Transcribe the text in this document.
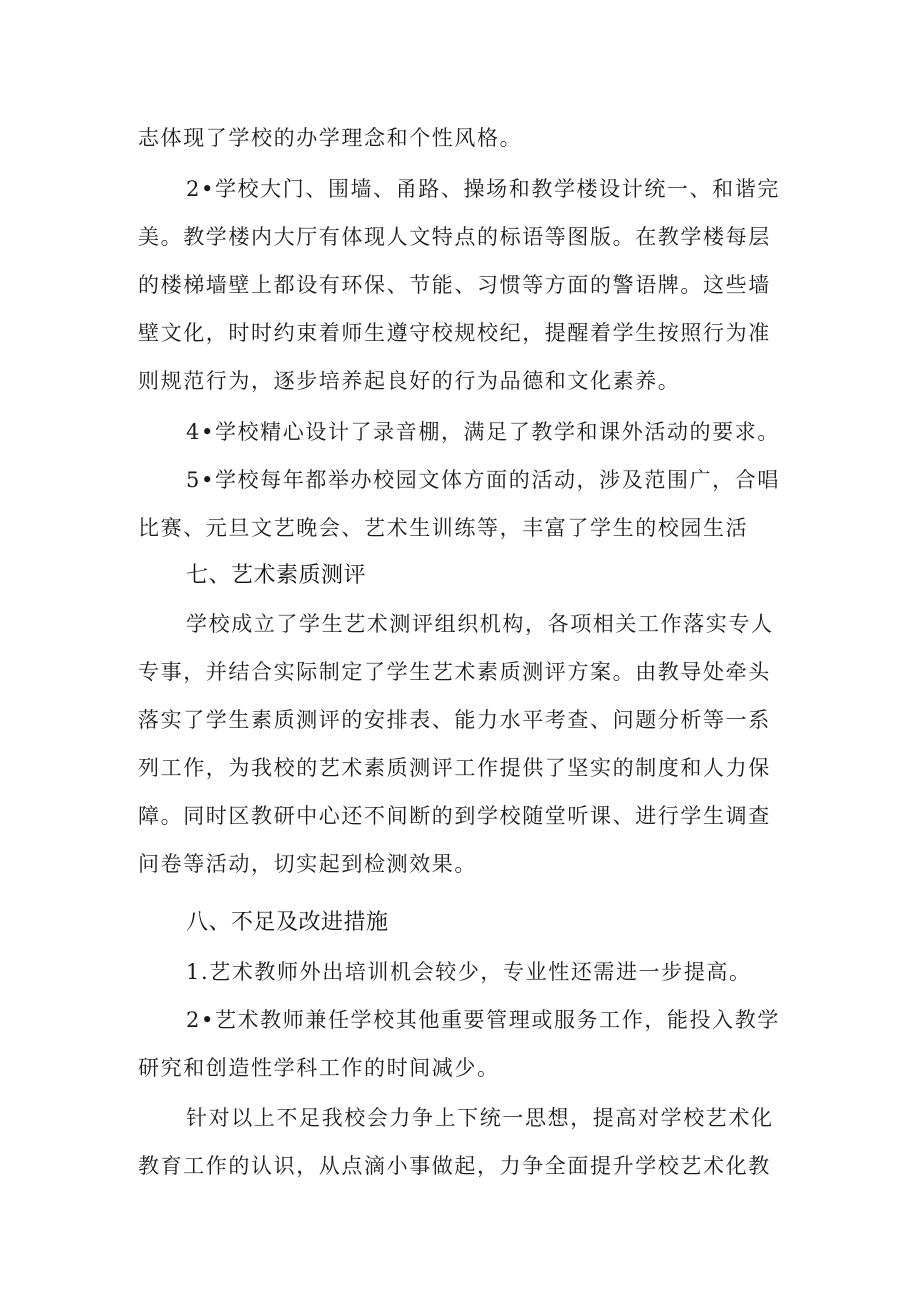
志体现了学校的办学理念和个性风格。
2•学校大门、围墙、甬路、操场和教学楼设计统一、和谐完
美。教学楼内大厅有体现人文特点的标语等图版。在教学楼每层
的楼梯墙壁上都设有环保、节能、习惯等方面的警语牌。这些墙
壁文化，时时约束着师生遵守校规校纪，提醒着学生按照行为准
则规范行为，逐步培养起良好的行为品德和文化素养。
4•学校精心设计了录音棚，满足了教学和课外活动的要求。
5•学校每年都举办校园文体方面的活动，涉及范围广，合唱
比赛、元旦文艺晚会、艺术生训练等，丰富了学生的校园生活
七、艺术素质测评
学校成立了学生艺术测评组织机构，各项相关工作落实专人
专事，并结合实际制定了学生艺术素质测评方案。由教导处牵头
落实了学生素质测评的安排表、能力水平考查、问题分析等一系
列工作，为我校的艺术素质测评工作提供了坚实的制度和人力保
障。同时区教研中心还不间断的到学校随堂听课、进行学生调查
问卷等活动，切实起到检测效果。
八、不足及改进措施
1.艺术教师外出培训机会较少，专业性还需进一步提高。
2•艺术教师兼任学校其他重要管理或服务工作，能投入教学
研究和创造性学科工作的时间减少。
针对以上不足我校会力争上下统一思想，提高对学校艺术化
教育工作的认识，从点滴小事做起，力争全面提升学校艺术化教
